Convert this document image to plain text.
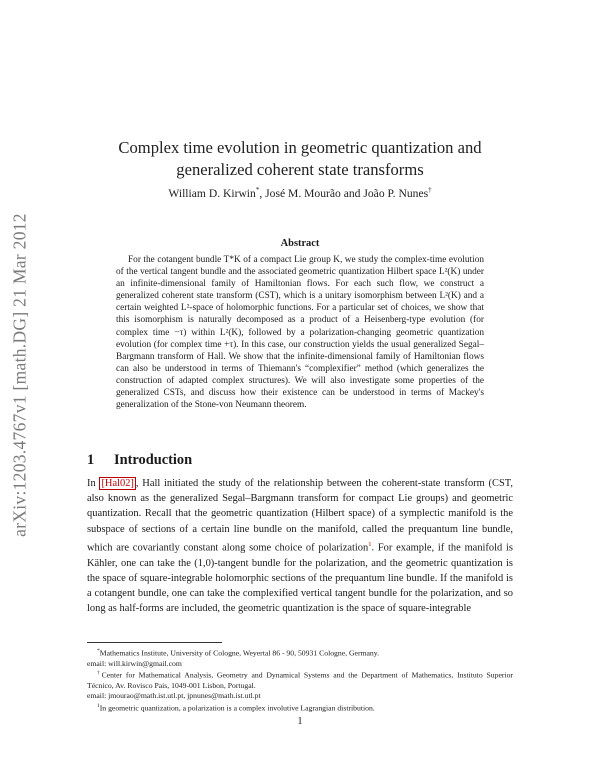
arXiv:1203.4767v1 [math.DG] 21 Mar 2012
Complex time evolution in geometric quantization and
generalized coherent state transforms
William D. Kirwin*, José M. Mourão and João P. Nunes†
Abstract

For the cotangent bundle T*K of a compact Lie group K, we study the complex-time evolution of the vertical tangent bundle and the associated geometric quantization Hilbert space L²(K) under an infinite-dimensional family of Hamiltonian flows. For each such flow, we construct a generalized coherent state transform (CST), which is a unitary isomorphism between L²(K) and a certain weighted L²-space of holomorphic functions. For a particular set of choices, we show that this isomorphism is naturally decomposed as a product of a Heisenberg-type evolution (for complex time −τ) within L²(K), followed by a polarization-changing geometric quantization evolution (for complex time +τ). In this case, our construction yields the usual generalized Segal–Bargmann transform of Hall. We show that the infinite-dimensional family of Hamiltonian flows can also be understood in terms of Thiemann's “complexifier” method (which generalizes the construction of adapted complex structures). We will also investigate some properties of the generalized CSTs, and discuss how their existence can be understood in terms of Mackey's generalization of the Stone-von Neumann theorem.

1 Introduction

In [Hal02] , Hall initiated the study of the relationship between the coherent-state transform (CST, also known as the generalized Segal–Bargmann transform for compact Lie groups) and geometric quantization. Recall that the geometric quantization (Hilbert space) of a symplectic manifold is the subspace of sections of a certain line bundle on the manifold, called the prequantum line bundle, which are covariantly constant along some choice of polarization$^1$. For example, if the manifold is Kähler, one can take the (1,0)-tangent bundle for the polarization, and the geometric quantization is the space of square-integrable holomorphic sections of the prequantum line bundle. If the manifold is a cotangent bundle, one can take the complexified vertical tangent bundle for the polarization, and so long as half-forms are included, the geometric quantization is the space of square-integrable

*Mathematics Institute, University of Cologne, Weyertal 86 - 90, 50931 Cologne, Germany.

email: will.kirwin@gmail.com

†Center for Mathematical Analysis, Geometry and Dynamical Systems and the Department of Mathematics, Instituto Superior Técnico, Av. Rovisco Pais, 1049-001 Lisbon, Portugal.

email: jmourao@math.ist.utl.pt, jpnunes@math.ist.utl.pt

$^1$In geometric quantization, a polarization is a complex involutive Lagrangian distribution.

1
